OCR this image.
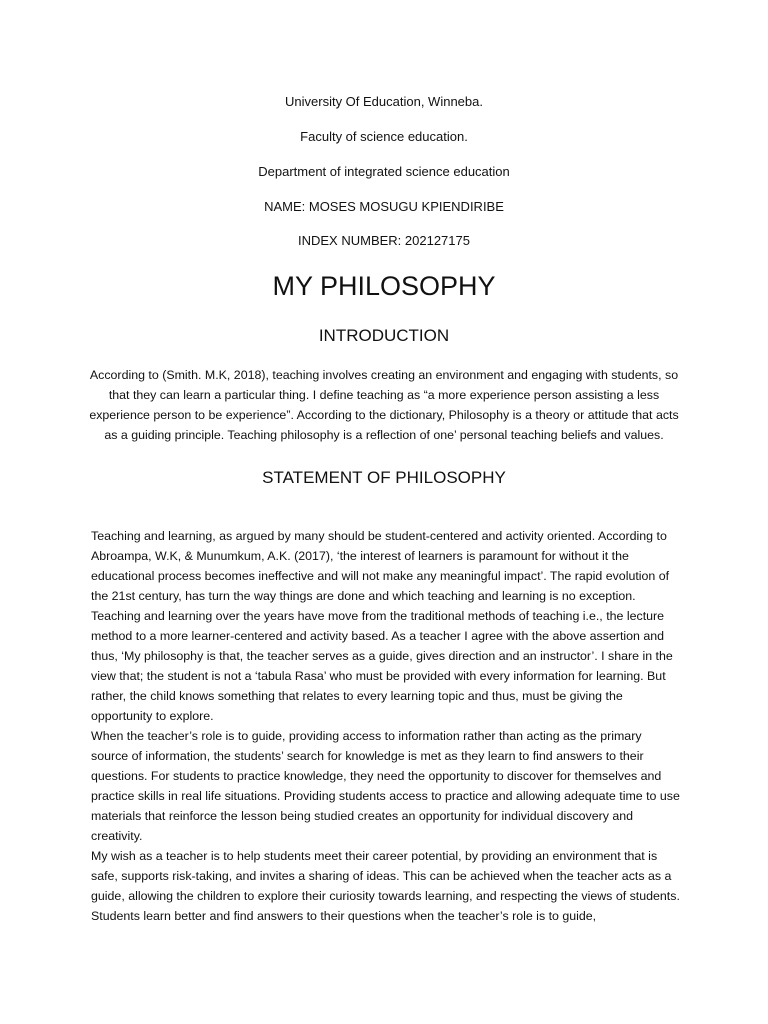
University Of Education, Winneba.
Faculty of science education.
Department of integrated science education
NAME: MOSES MOSUGU KPIENDIRIBE
INDEX NUMBER: 202127175
MY PHILOSOPHY
INTRODUCTION
According to (Smith. M.K, 2018), teaching involves creating an environment and engaging with students, so that they can learn a particular thing. I define teaching as “a more experience person assisting a less experience person to be experience”. According to the dictionary, Philosophy is a theory or attitude that acts as a guiding principle. Teaching philosophy is a reflection of one’ personal teaching beliefs and values.
STATEMENT OF PHILOSOPHY

Teaching and learning, as argued by many should be student-centered and activity oriented. According to Abroampa, W.K, & Munumkum, A.K. (2017), ‘the interest of learners is paramount for without it the educational process becomes ineffective and will not make any meaningful impact’. The rapid evolution of the 21st century, has turn the way things are done and which teaching and learning is no exception. Teaching and learning over the years have move from the traditional methods of teaching i.e., the lecture method to a more learner-centered and activity based. As a teacher I agree with the above assertion and thus, ‘My philosophy is that, the teacher serves as a guide, gives direction and an instructor’. I share in the view that; the student is not a ‘tabula Rasa’ who must be provided with every information for learning. But rather, the child knows something that relates to every learning topic and thus, must be giving the opportunity to explore.

When the teacher’s role is to guide, providing access to information rather than acting as the primary source of information, the students’ search for knowledge is met as they learn to find answers to their questions. For students to practice knowledge, they need the opportunity to discover for themselves and practice skills in real life situations. Providing students access to practice and allowing adequate time to use materials that reinforce the lesson being studied creates an opportunity for individual discovery and creativity.

My wish as a teacher is to help students meet their career potential, by providing an environment that is safe, supports risk-taking, and invites a sharing of ideas. This can be achieved when the teacher acts as a guide, allowing the children to explore their curiosity towards learning, and respecting the views of students. Students learn better and find answers to their questions when the teacher’s role is to guide,
